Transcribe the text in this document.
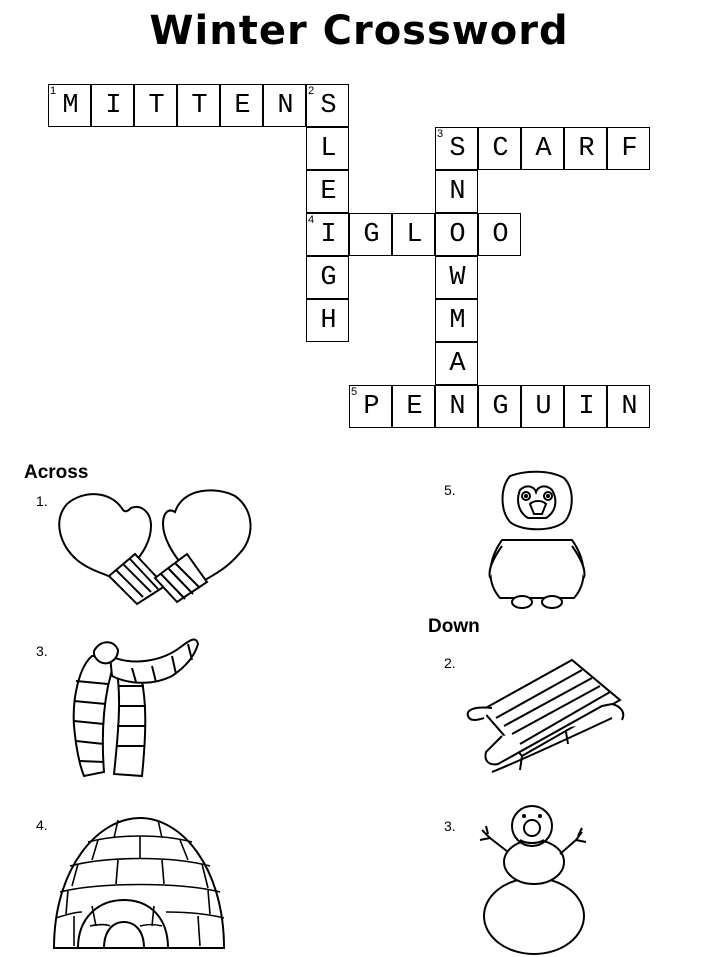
Winter Crossword
1 M I T T E N	2 S
3 S C A R F
4 I G L O O
5 P E N G U I N
L
E
G
H
N
W
M
A
Across
Down
1.
3.
4.
5.
2.
3.
